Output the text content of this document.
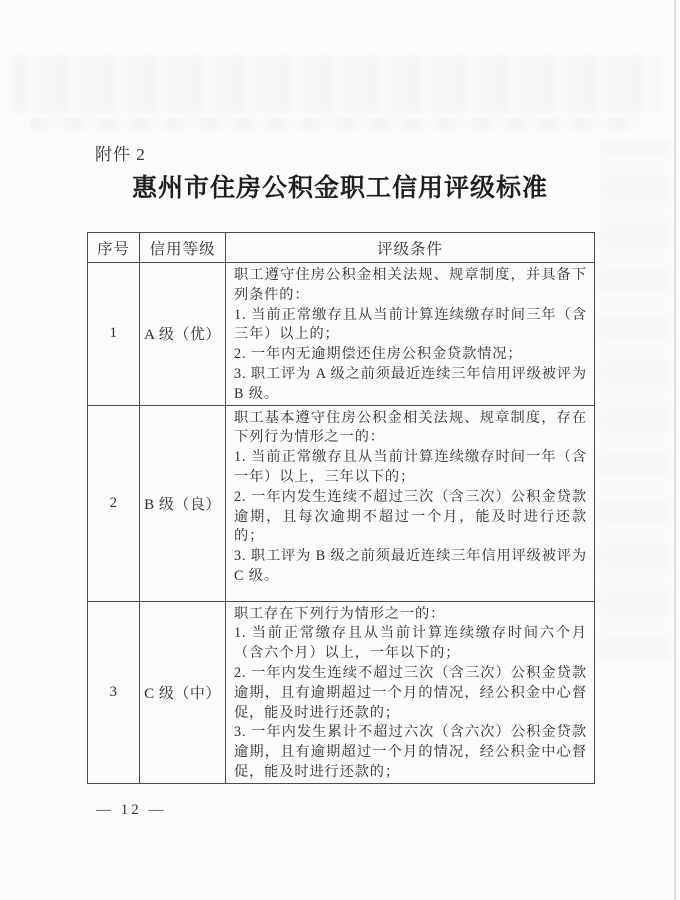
附件 2
惠州市住房公积金职工信用评级标准
序号	信用等级	评级条件
1	A 级（优）	职工遵守住房公积金相关法规、规章制度，并具备下列条件的：

1. 当前正常缴存且从当前计算连续缴存时间三年（含三年）以上的；

2. 一年内无逾期偿还住房公积金贷款情况；

3. 职工评为 A 级之前须最近连续三年信用评级被评为 B 级。

2	B 级（良）	职工基本遵守住房公积金相关法规、规章制度，存在下列行为情形之一的：

1. 当前正常缴存且从当前计算连续缴存时间一年（含一年）以上，三年以下的；

2. 一年内发生连续不超过三次（含三次）公积金贷款逾期，且每次逾期不超过一个月，能及时进行还款的；

3. 职工评为 B 级之前须最近连续三年信用评级被评为 C 级。

3	C 级（中）	职工存在下列行为情形之一的：

1. 当前正常缴存且从当前计算连续缴存时间六个月（含六个月）以上，一年以下的；

2. 一年内发生连续不超过三次（含三次）公积金贷款逾期，且有逾期超过一个月的情况，经公积金中心督促，能及时进行还款的；

3. 一年内发生累计不超过六次（含六次）公积金贷款逾期，且有逾期超过一个月的情况，经公积金中心督促，能及时进行还款的；

— 12 —
